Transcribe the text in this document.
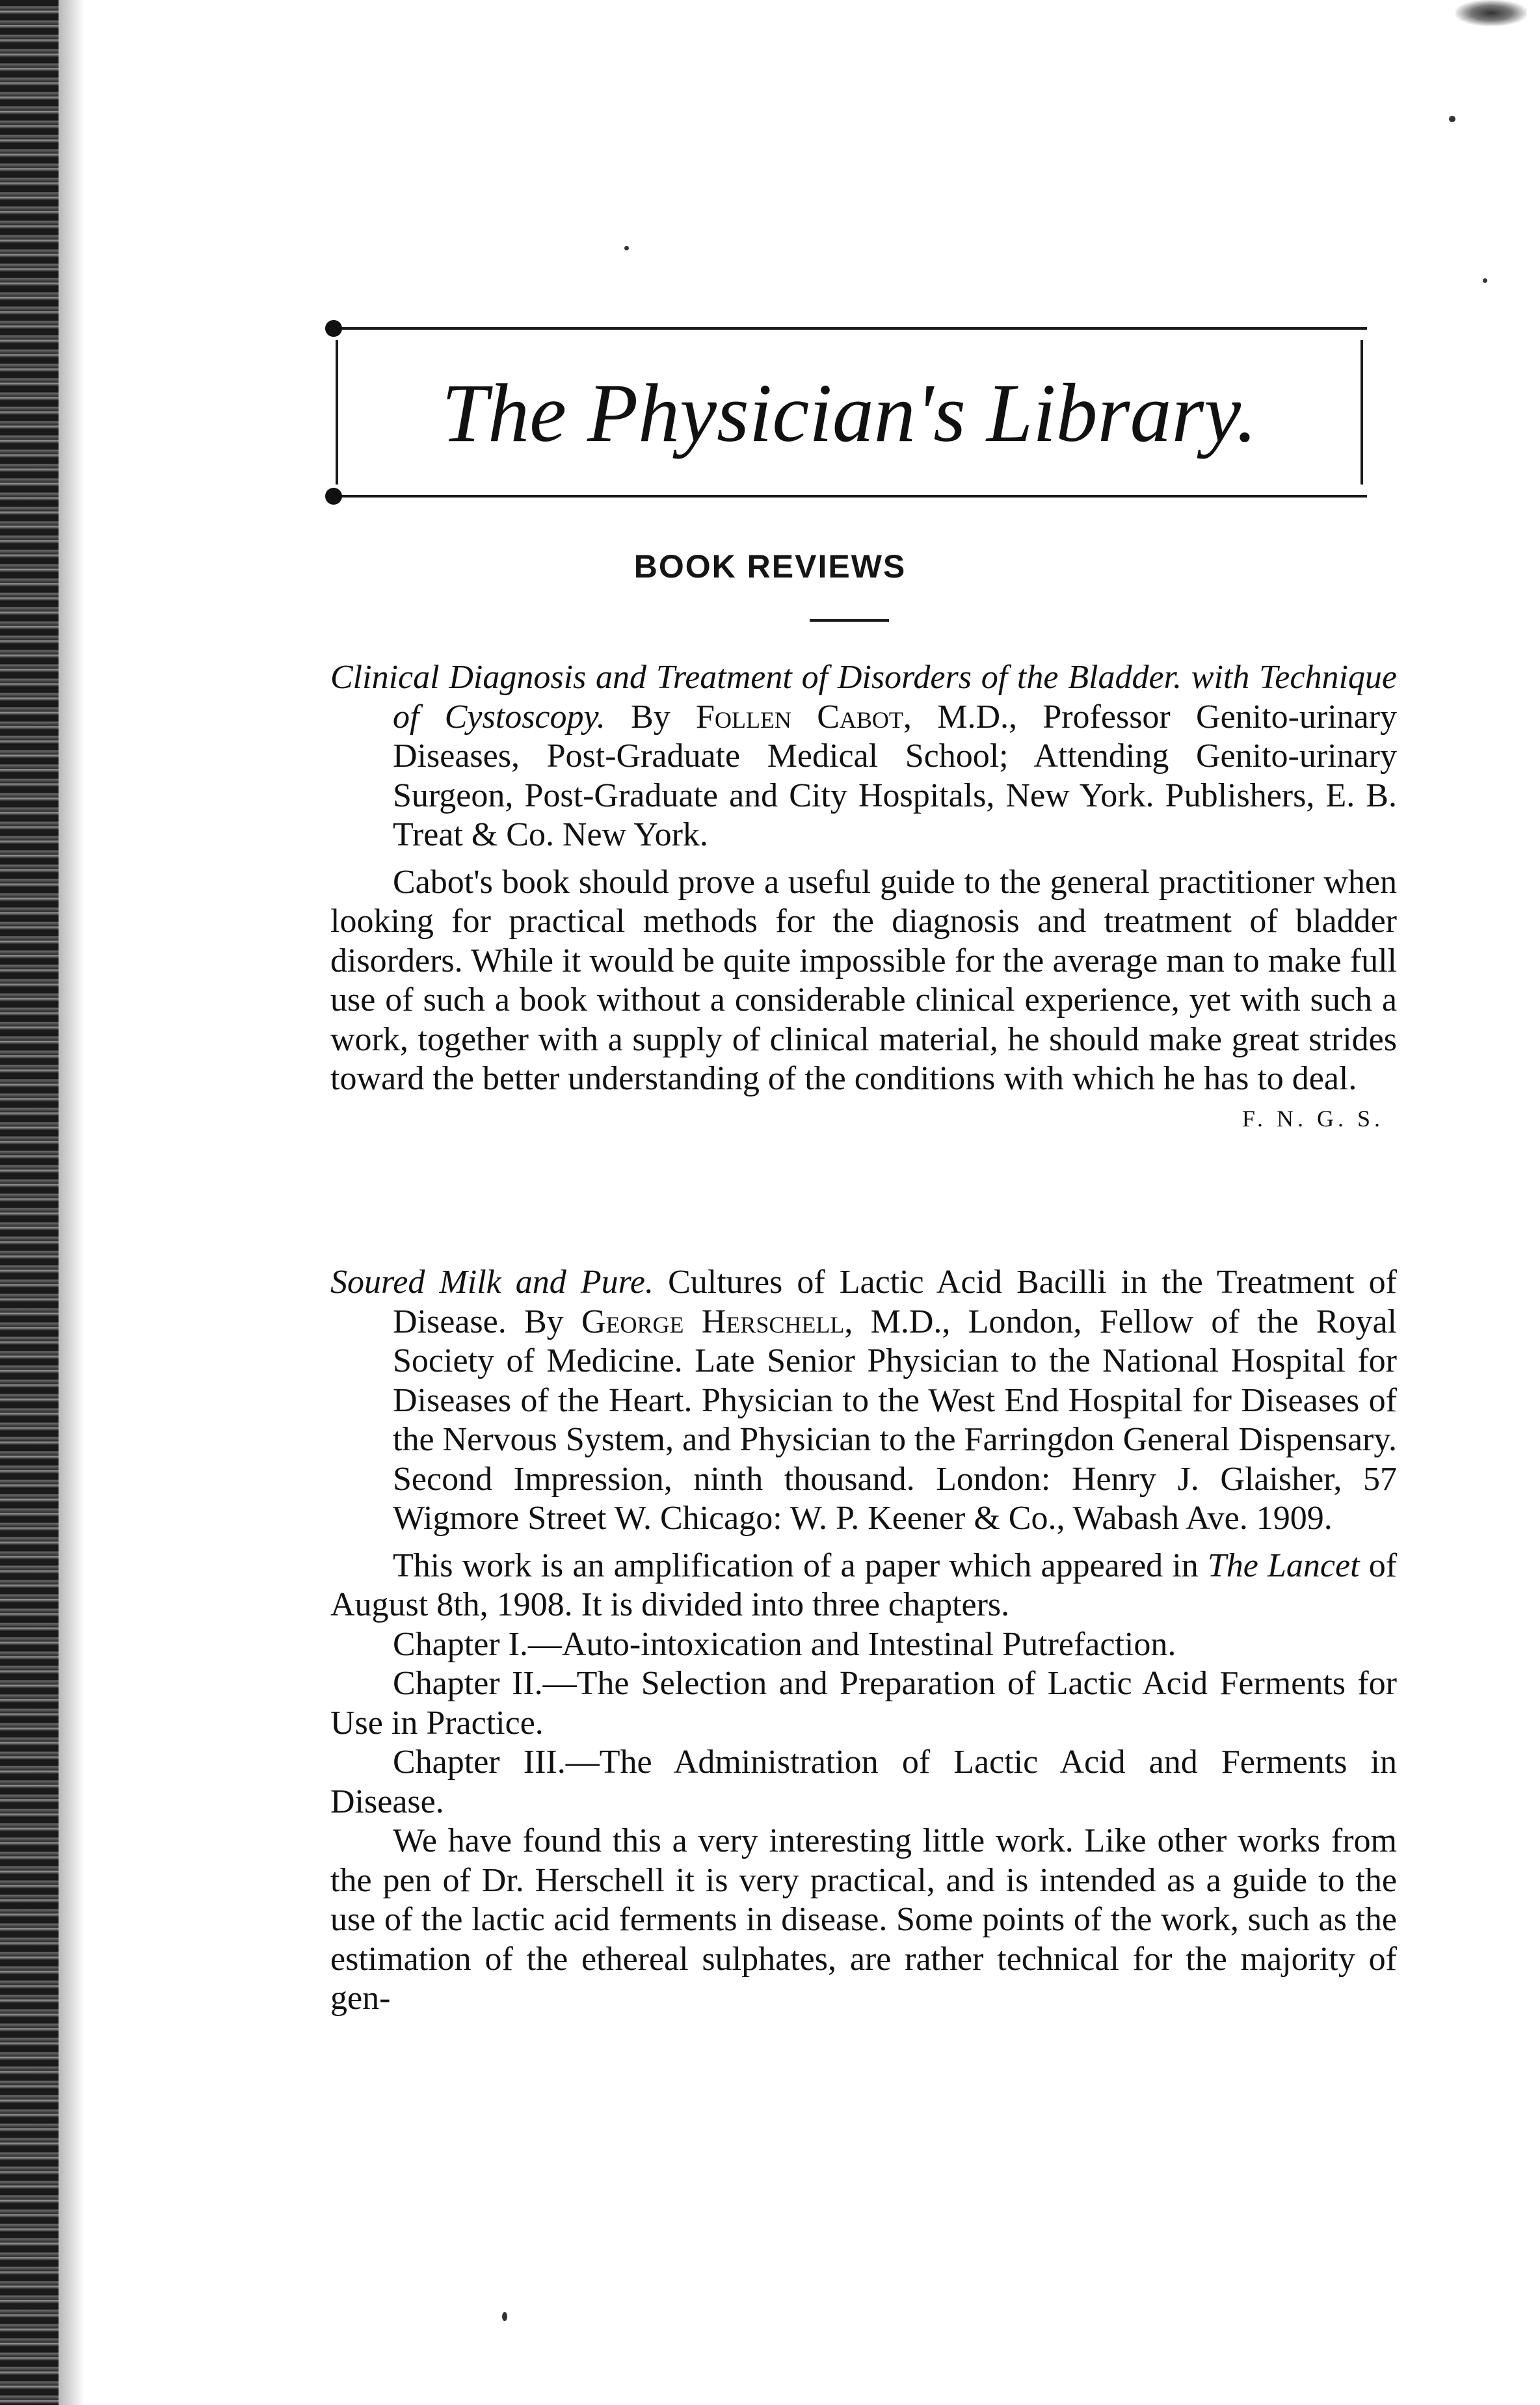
The Physician's Library.
BOOK REVIEWS

Clinical Diagnosis and Treatment of Disorders of the Bladder. with Technique of Cystoscopy. By Follen Cabot, M.D., Professor Genito-urinary Diseases, Post-Graduate Medical School; Attending Genito-urinary Surgeon, Post-Graduate and City Hospitals, New York. Publishers, E. B. Treat & Co. New York.

Cabot's book should prove a useful guide to the general practitioner when looking for practical methods for the diagnosis and treatment of bladder disorders. While it would be quite impossible for the average man to make full use of such a book without a considerable clinical experience, yet with such a work, together with a supply of clinical material, he should make great strides toward the better understanding of the conditions with which he has to deal.
F. N. G. S.

Soured Milk and Pure. Cultures of Lactic Acid Bacilli in the Treatment of Disease. By George Herschell, M.D., London, Fellow of the Royal Society of Medicine. Late Senior Physician to the National Hospital for Diseases of the Heart. Physician to the West End Hospital for Diseases of the Nervous System, and Physician to the Farringdon General Dispensary. Second Impression, ninth thousand. London: Henry J. Glaisher, 57 Wigmore Street W. Chicago: W. P. Keener & Co., Wabash Ave. 1909.

This work is an amplification of a paper which appeared in The Lancet of August 8th, 1908. It is divided into three chapters.

Chapter I.—Auto-intoxication and Intestinal Putrefaction.

Chapter II.—The Selection and Preparation of Lactic Acid Ferments for Use in Practice.

Chapter III.—The Administration of Lactic Acid and Ferments in Disease.

We have found this a very interesting little work. Like other works from the pen of Dr. Herschell it is very practical, and is intended as a guide to the use of the lactic acid ferments in disease. Some points of the work, such as the estimation of the ethereal sulphates, are rather technical for the majority of gen-
